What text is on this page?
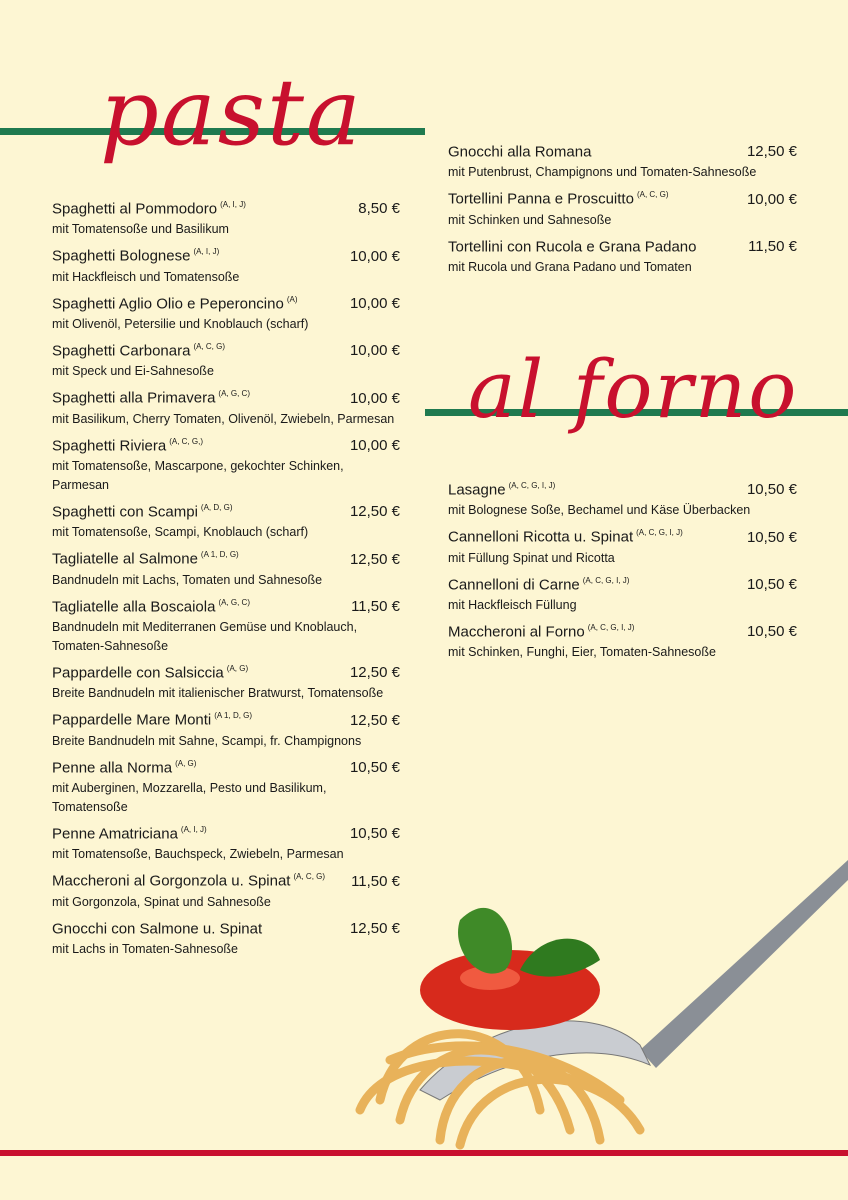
pasta
al forno
Spaghetti al Pommodoro $^{(A, I, J)}$	8,50 €
mit Tomatensoße und Basilikum
Spaghetti Bolognese $^{(A, I, J)}$	10,00 €
mit Hackfleisch und Tomatensoße
Spaghetti Aglio Olio e Peperoncino $^{(A)}$	10,00 €
mit Olivenöl, Petersilie und Knoblauch (scharf)
Spaghetti Carbonara $^{(A, C, G)}$	10,00 €
mit Speck und Ei-Sahnesoße
Spaghetti alla Primavera $^{(A, G, C)}$	10,00 €
mit Basilikum, Cherry Tomaten, Olivenöl, Zwiebeln, Parmesan
Spaghetti Riviera $^{(A, C, G,)}$	10,00 €
mit Tomatensoße, Mascarpone, gekochter Schinken, Parmesan
Spaghetti con Scampi $^{(A, D, G)}$	12,50 €
mit Tomatensoße, Scampi, Knoblauch (scharf)
Tagliatelle al Salmone $^{(A 1, D, G)}$	12,50 €
Bandnudeln mit Lachs, Tomaten und Sahnesoße
Tagliatelle alla Boscaiola $^{(A, G, C)}$	11,50 €
Bandnudeln mit Mediterranen Gemüse und Knoblauch, Tomaten-Sahnesoße
Pappardelle con Salsiccia $^{(A, G)}$	12,50 €
Breite Bandnudeln mit italienischer Bratwurst, Tomatensoße
Pappardelle Mare Monti $^{(A 1, D, G)}$	12,50 €
Breite Bandnudeln mit Sahne, Scampi, fr. Champignons
Penne alla Norma $^{(A, G)}$	10,50 €
mit Auberginen, Mozzarella, Pesto und Basilikum, Tomatensoße
Penne Amatriciana $^{(A, I, J)}$	10,50 €
mit Tomatensoße, Bauchspeck, Zwiebeln, Parmesan
Maccheroni al Gorgonzola u. Spinat $^{(A, C, G)}$ 11,50 €
mit Gorgonzola, Spinat und Sahnesoße
Gnocchi con Salmone u. Spinat	12,50 €
mit Lachs in Tomaten-Sahnesoße
Gnocchi alla Romana	12,50 €
mit Putenbrust, Champignons und Tomaten-Sahnesoße
Tortellini Panna e Proscuitto $^{(A, C, G)}$	10,00 €
mit Schinken und Sahnesoße
Tortellini con Rucola e Grana Padano	11,50 €
mit Rucola und Grana Padano und Tomaten
Lasagne $^{(A, C, G, I, J)}$	10,50 €
mit Bolognese Soße, Bechamel und Käse Überbacken
Cannelloni Ricotta u. Spinat $^{(A, C, G, I, J)}$	10,50 €
mit Füllung Spinat und Ricotta
Cannelloni di Carne $^{(A, C, G, I, J)}$	10,50 €
mit Hackfleisch Füllung
Maccheroni al Forno $^{(A, C, G, I, J)}$	10,50 €
mit Schinken, Funghi, Eier, Tomaten-Sahnesoße
